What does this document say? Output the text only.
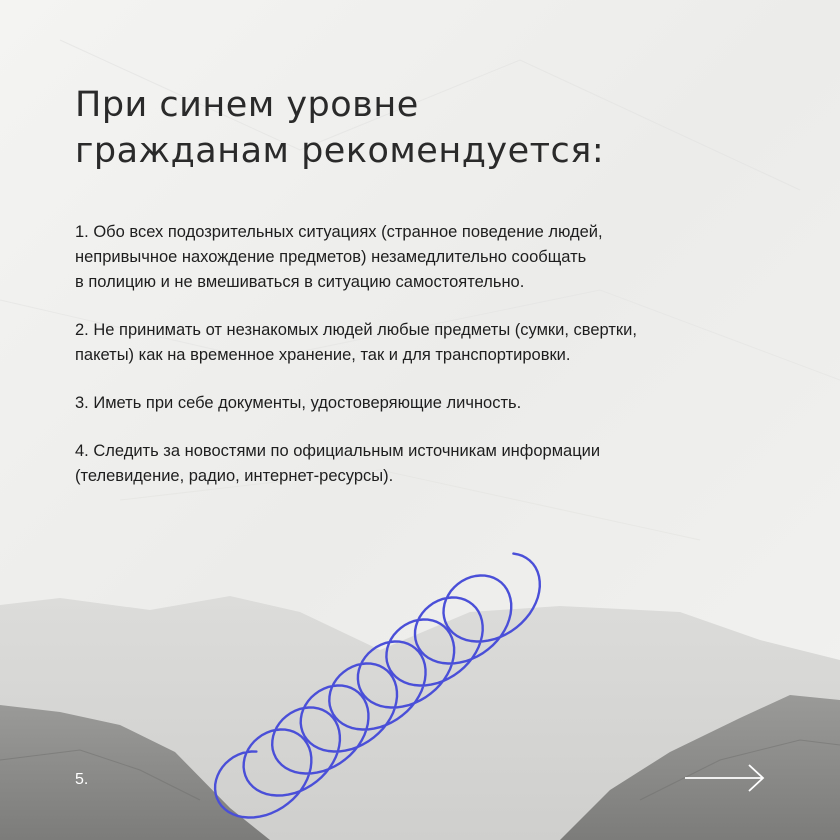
При синем уровне
гражданам рекомендуется:
1. Обо всех подозрительных ситуациях (странное поведение людей,
непривычное нахождение предметов) незамедлительно сообщать
в полицию и не вмешиваться в ситуацию самостоятельно.
2. Не принимать от незнакомых людей любые предметы (сумки, свертки,
пакеты) как на временное хранение, так и для транспортировки.
3. Иметь при себе документы, удостоверяющие личность.
4. Следить за новостями по официальным источникам информации
(телевидение, радио, интернет-ресурсы).
5.
